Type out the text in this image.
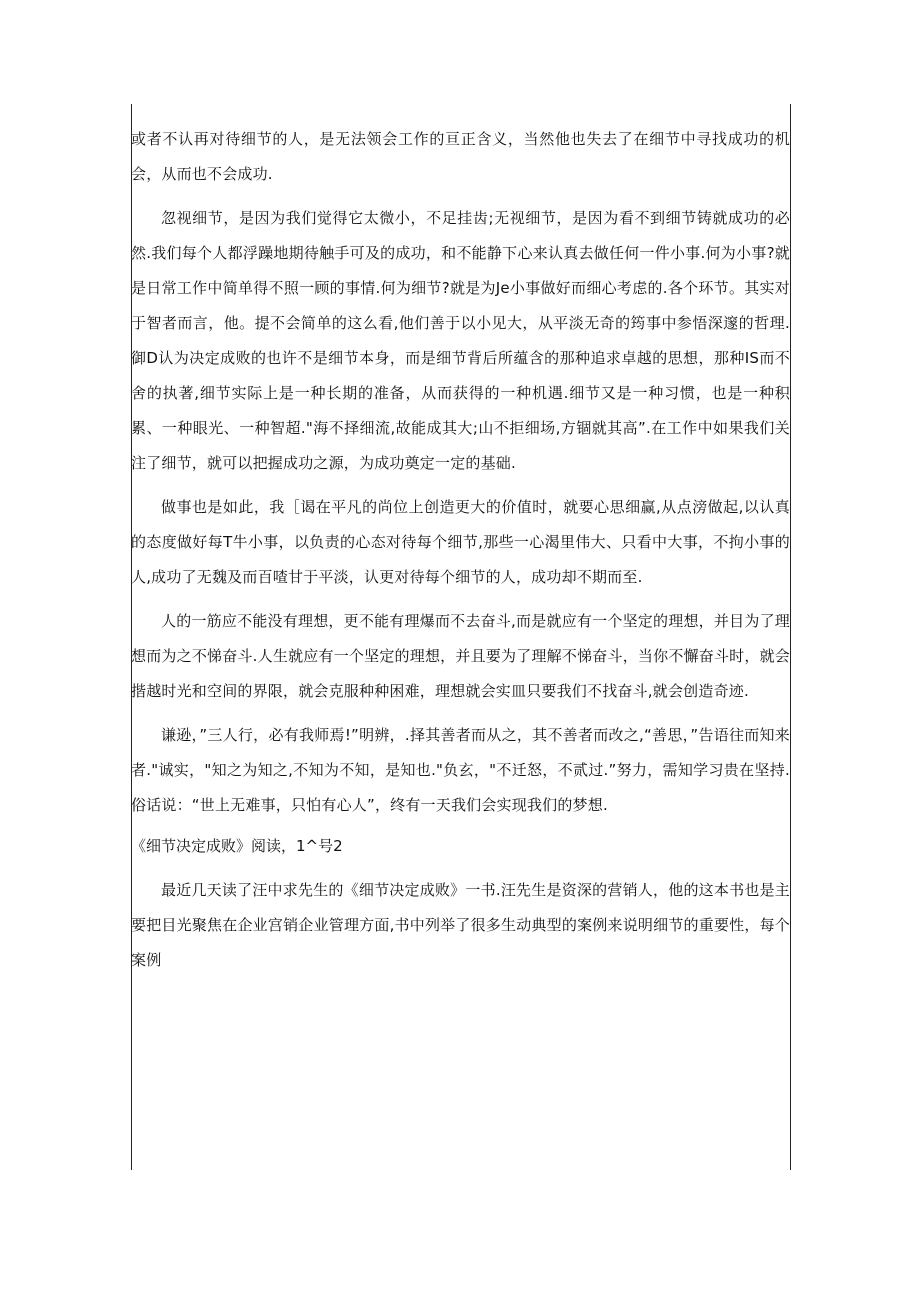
或者不认再对待细节的人，是无法领会工作的亘正含义，当然他也失去了在细节中寻找成功的机会，从而也不会成功.

忽视细节，是因为我们觉得它太微小，不足挂齿;无视细节，是因为看不到细节铸就成功的必然.我们每个人都浮躁地期待触手可及的成功，和不能静下心来认真去做任何一件小事.何为小事?就是日常工作中简单得不照一顾的事情.何为细节?就是为Je小事做好而细心考虑的.各个环节。其实对于智者而言，他。提不会简单的这么看,他们善于以小见大，从平淡无奇的筠事中参悟深邃的哲理.御D认为决定成败的也许不是细节本身，而是细节背后所蕴含的那种追求卓越的思想，那种IS而不舍的执著,细节实际上是一种长期的准备，从而获得的一种机遇.细节又是一种习惯，也是一种积累、一种眼光、一种智超."海不择细流,故能成其大;山不拒细场,方锢就其高”.在工作中如果我们关注了细节，就可以把握成功之源，为成功奠定一定的基础.

做事也是如此，我［谒在平凡的尚位上创造更大的价值时，就要心思细赢,从点滂做起,以认真的态度做好每T牛小事，以负责的心态对待每个细节,那些一心渴里伟大、只看中大事，不拘小事的人,成功了无魏及而百喳甘于平淡，认更对待每个细节的人，成功却不期而至.

人的一筋应不能没有理想，更不能有理爆而不去奋斗,而是就应有一个坚定的理想，并目为了理想而为之不悌奋斗.人生就应有一个坚定的理想，并且要为了理解不悌奋斗，当你不懈奋斗时，就会揩越时光和空间的界限，就会克服种种困难，理想就会实皿只要我们不找奋斗,就会创造奇迹.

谦逊，”三人行，必有我师焉!”明辨，.择其善者而从之，其不善者而改之,“善思，”告语往而知来者."诚实，"知之为知之,不知为不知，是知也."负玄，"不迁怒，不贰过.”努力，需知学习贵在坚持.俗话说：“世上无难事，只怕有心人”，终有一天我们会实现我们的梦想.

《细节决定成败》阅读，1^号2

最近几天读了汪中求先生的《细节决定成败》一书.汪先生是资深的营销人，他的这本书也是主要把目光聚焦在企业宫销企业管理方面,书中列举了很多生动典型的案例来说明细节的重要性，每个案例
